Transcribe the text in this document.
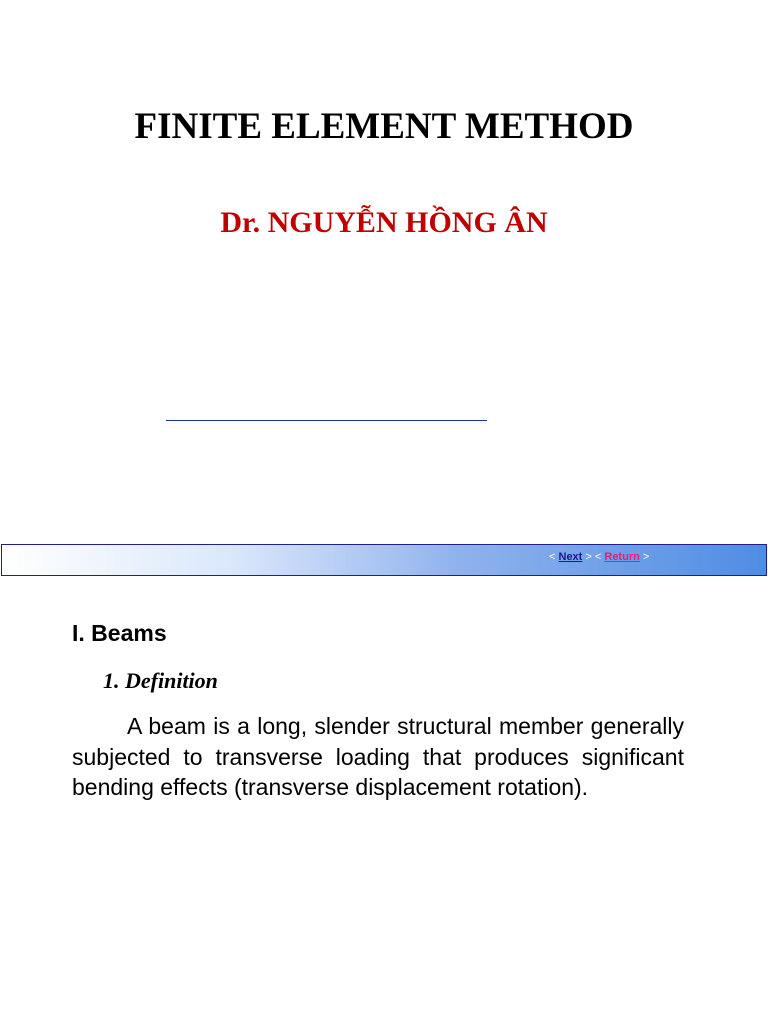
FINITE ELEMENT METHOD
Dr. NGUYỄN HỒNG ÂN
< Next > < Return >
I. Beams
1. Definition

A beam is a long, slender structural member generally subjected to transverse loading that produces significant bending effects (transverse displacement rotation).
